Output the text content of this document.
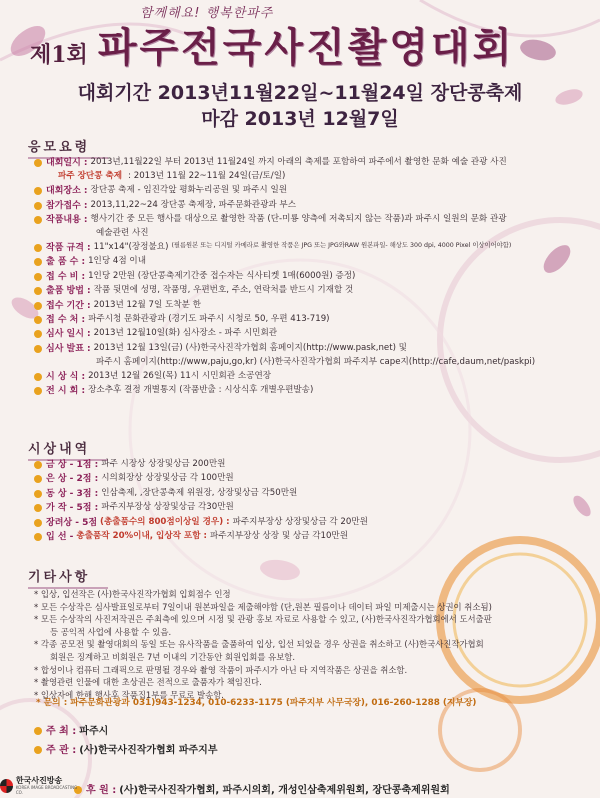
함께해요! 행복한파주
제1회 파주전국사진촬영대회
대회기간 2013년11월22일~11월24일 장단콩축제
마감 2013년 12월7일
응모요령
대회일시 : 2013년,11월22일 부터 2013년 11월24일 까지 아래의 축제를 포함하여 파주에서 촬영한 문화 예술 관광 사진
파주 장단콩 축제 : 2013년 11월 22~11월 24일(금/토/일)
대회장소 : 장단콩 축제 - 임진각앞 평화누리공원 및 파주시 일원
참가접수 : 2013,11,22~24 장단콩 축제장, 파주문화관광과 부스
작품내용 : 행사기간 중 모든 행사를 대상으로 촬영한 작품 (단-미룡 양측에 저촉되지 않는 작품)과 파주시 일원의 문화 관광
예술관련 사진
작품 규격 : 11"x14"(장정불요) (필름원본 또는 디지털 카메라로 촬영한 작품은 JPG 또는 JPG와RAW 원본파일- 해상도 300 dpi, 4000 Pixel 이상이어야함)
출 품 수 : 1인당 4점 이내
접 수 비 : 1인당 2만원 (장단콩축제기간중 접수자는 식사티켓 1매(6000원) 증정)
출품 방법 : 작품 뒷면에 성명, 작품명, 우편번호, 주소, 연락처를 반드시 기재할 것
접수 기간 : 2013년 12월 7일 도착분 한
접 수 처 : 파주시청 문화관광과 (경기도 파주시 시청로 50, 우편 413-719)
심사 일시 : 2013년 12월10일(화) 심사장소 - 파주 시민회관
심사 발표 : 2013년 12월 13일(금) (사)한국사진작가협회 홈페이지(http://www.pask,net) 및
파주시 홈페이지(http://www,paju,go,kr) (사)한국사진작가협회 파주지부 cape지(http://cafe,daum,net/paskpi)
시 상 식 : 2013년 12월 26일(목) 11시 시민회관 소공연장
전 시 회 : 장소추후 결정 개별통지 (작품반출 : 시상식후 개별우편발송)
시상내역
금 상 - 1점 : 파주 시장상 상장및상금 200만원
은 상 - 2점 : 시의회장상 상장및상금 각 100만원
동 상 - 3점 : 인삼축제, ,장단콩축제 위원장, 상장및상금 각50만원
가 작 - 5점 : 파주지부장상 상장및상금 각30만원
장려상 - 5점 (총출품수의 800점이상일 경우) : 파주지부장상 상장및상금 각 20만원
입 선 - 총출품작 20%이내, 입상작 포함 : 파주지부장상 상장 및 상금 각10만원
기타사항
* 입상, 입선작은 (사)한국사진작가협회 입회점수 인정
* 모든 수상작은 심사발표일로부터 7일이내 원본파일을 제출해야함 (단,원본 필름이나 데이터 파일 미제출시는 상권이 취소됨)
* 모든 수상작의 사진저작권은 주최측에 있으며 시정 및 관광 홍보 자료로 사용할 수 있고, (사)한국사진작가협회에서 도서출판
등 공익적 사업에 사용할 수 있음.
* 각종 공모전 및 촬영대회의 동일 또는 유사작품을 출품하여 입상, 입선 되었을 경우 상권을 취소하고 (사)한국사진작가협회
회원은 징계하고 비회원은 7년 이내의 기간동안 회원입회를 유보함.
* 합성이나 컴퓨터 그래픽으로 판명될 경우와 촬영 작품이 파주시가 아닌 타 지역작품은 상권을 취소함.
* 촬영관련 인물에 대한 초상권은 전적으로 출품자가 책임진다.
* 입상자에 한해 행사후 작품집1부를 무료로 발송함.
* 문의 : 파주문화관광과 031)943-1234, 010-6233-1175 (파주지부 사무국장), 016-260-1288 (지부장)
주 최 : 파주시
주 관 : (사)한국사진작가협회 파주지부
후 원 : (사)한국사진작가협회, 파주시의회, 개성인삼축제위원회, 장단콩축제위원회
한국사진방송
KOREA IMAGE BROADCASTING CO.
